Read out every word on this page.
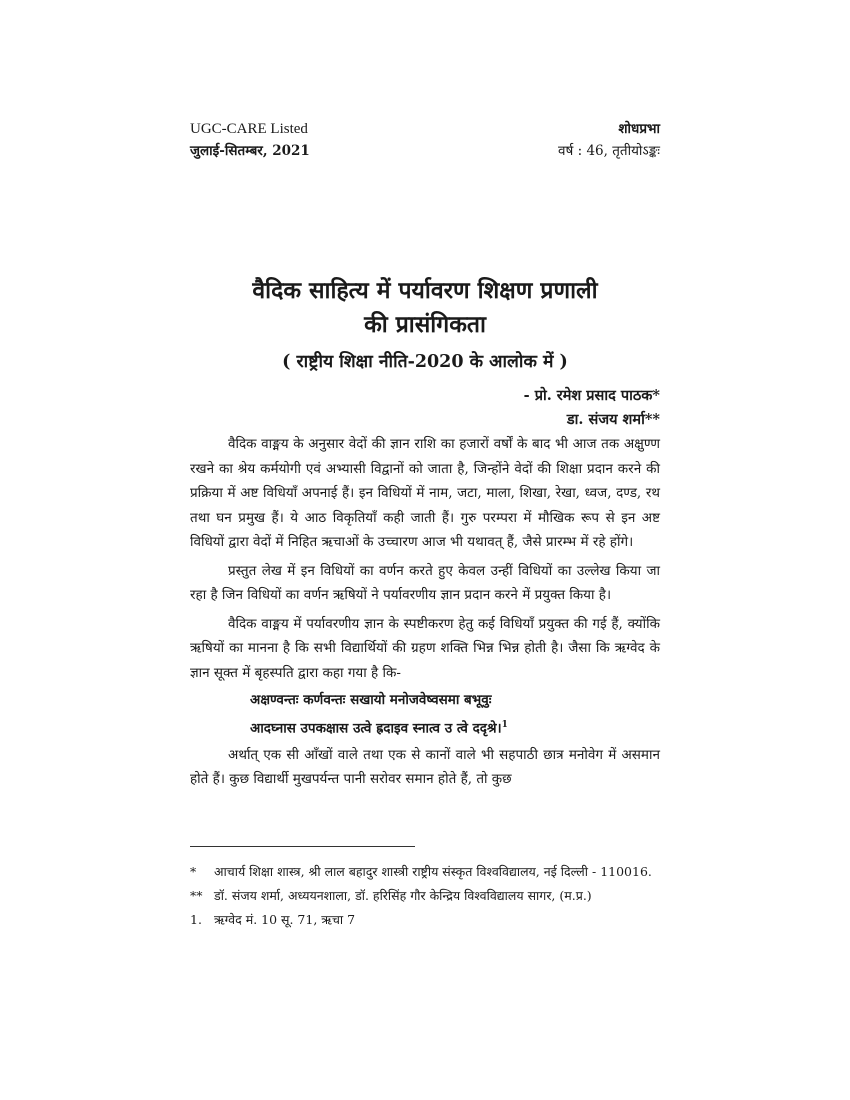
UGC-CARE Listed
जुलाई-सितम्बर, 2021
शोधप्रभा
वर्ष : 46, तृतीयोऽङ्कः
वैदिक साहित्य में पर्यावरण शिक्षण प्रणाली
की प्रासंगिकता
( राष्ट्रीय शिक्षा नीति-2020 के आलोक में )
- प्रो. रमेश प्रसाद पाठक*
डा. संजय शर्मा**

वैदिक वाङ्मय के अनुसार वेदों की ज्ञान राशि का हजारों वर्षों के बाद भी आज तक अक्षुण्ण रखने का श्रेय कर्मयोगी एवं अभ्यासी विद्वानों को जाता है, जिन्होंने वेदों की शिक्षा प्रदान करने की प्रक्रिया में अष्ट विधियाँ अपनाई हैं। इन विधियों में नाम, जटा, माला, शिखा, रेखा, ध्वज, दण्ड, रथ तथा घन प्रमुख हैं। ये आठ विकृतियाँ कही जाती हैं। गुरु परम्परा में मौखिक रूप से इन अष्ट विधियों द्वारा वेदों में निहित ऋचाओं के उच्चारण आज भी यथावत् हैं, जैसे प्रारम्भ में रहे होंगे।

प्रस्तुत लेख में इन विधियों का वर्णन करते हुए केवल उन्हीं विधियों का उल्लेख किया जा रहा है जिन विधियों का वर्णन ऋषियों ने पर्यावरणीय ज्ञान प्रदान करने में प्रयुक्त किया है।

वैदिक वाङ्मय में पर्यावरणीय ज्ञान के स्पष्टीकरण हेतु कई विधियाँ प्रयुक्त की गई हैं, क्योंकि ऋषियों का मानना है कि सभी विद्यार्थियों की ग्रहण शक्ति भिन्न भिन्न होती है। जैसा कि ऋग्वेद के ज्ञान सूक्त में बृहस्पति द्वारा कहा गया है कि-

अक्षण्वन्तः कर्णवन्तः सखायो मनोजवेष्वसमा बभूवुः
आदघ्नास उपकक्षास उत्वे ह्रदाइव स्नात्व उ त्वे ददृश्रे।$^1$

अर्थात् एक सी आँखों वाले तथा एक से कानों वाले भी सहपाठी छात्र मनोवेग में असमान होते हैं। कुछ विद्यार्थी मुखपर्यन्त पानी सरोवर समान होते हैं, तो कुछ

*	आचार्य शिक्षा शास्त्र, श्री लाल बहादुर शास्त्री राष्ट्रीय संस्कृत विश्वविद्यालय, नई दिल्ली - 110016.
** डॉ. संजय शर्मा, अध्ययनशाला, डॉ. हरिसिंह गौर केन्द्रिय विश्वविद्यालय सागर, (म.प्र.)
1. ऋग्वेद मं. 10 सू. 71, ऋचा 7
